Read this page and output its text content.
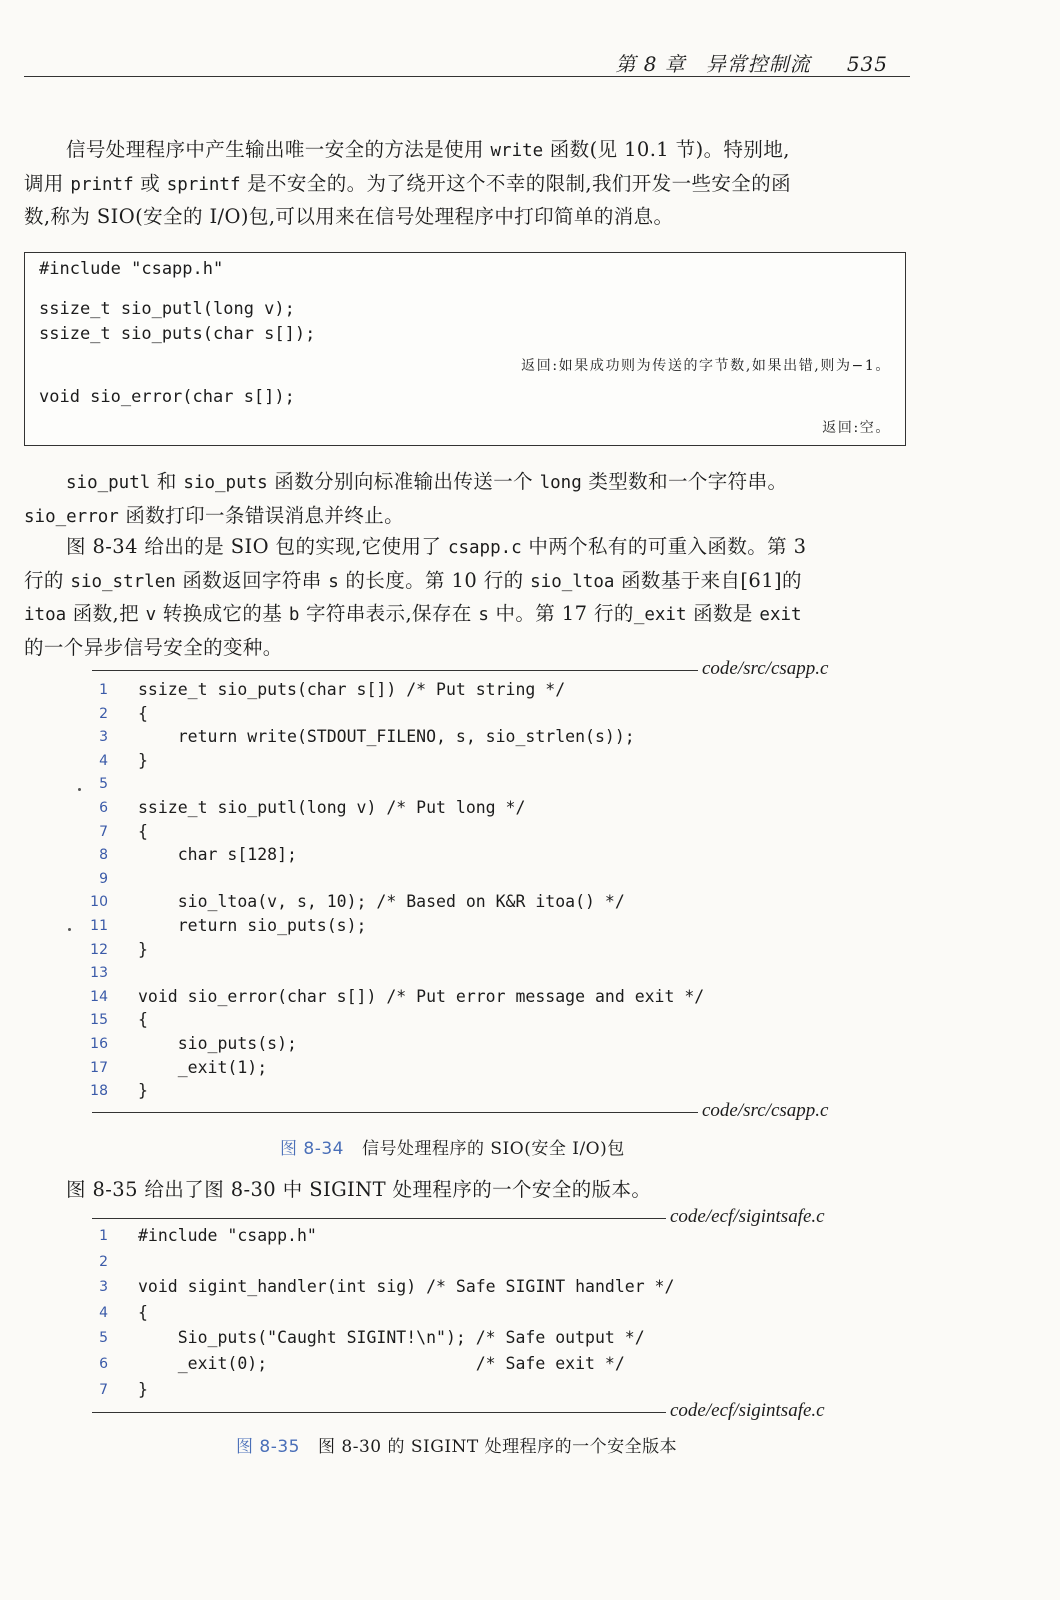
第 8 章 异常控制流 535
信号处理程序中产生输出唯一安全的方法是使用 write 函数(见 10.1 节)。特别地,
调用 printf 或 sprintf 是不安全的。为了绕开这个不幸的限制,我们开发一些安全的函
数,称为 SIO(安全的 I/O)包,可以用来在信号处理程序中打印简单的消息。
#include "csapp.h"
ssize_t sio_putl(long v);
ssize_t sio_puts(char s[]);
返回:如果成功则为传送的字节数,如果出错,则为−1。
void sio_error(char s[]);
返回:空。
sio_putl 和 sio_puts 函数分别向标准输出传送一个 long 类型数和一个字符串。
sio_error 函数打印一条错误消息并终止。
图 8-34 给出的是 SIO 包的实现,它使用了 csapp.c 中两个私有的可重入函数。第 3
行的 sio_strlen 函数返回字符串 s 的长度。第 10 行的 sio_ltoa 函数基于来自[61]的
itoa 函数,把 v 转换成它的基 b 字符串表示,保存在 s 中。第 17 行的_exit 函数是 exit
的一个异步信号安全的变种。
code/src/csapp.c
1 ssize_t sio_puts(char s[]) /* Put string */
2 {
3 return write(STDOUT_FILENO, s, sio_strlen(s));
4 }
5
6 ssize_t sio_putl(long v) /* Put long */
7 {
8 char s[128];
9
10 sio_ltoa(v, s, 10); /* Based on K&R itoa() */
11 return sio_puts(s);
12 }
13
14 void sio_error(char s[]) /* Put error message and exit */
15 {
16 sio_puts(s);
17 _exit(1);
18 }
code/src/csapp.c
图 8-34 信号处理程序的 SIO(安全 I/O)包
图 8-35 给出了图 8-30 中 SIGINT 处理程序的一个安全的版本。
code/ecf/sigintsafe.c
1 #include "csapp.h"
2
3 void sigint_handler(int sig) /* Safe SIGINT handler */
4 {
5 Sio_puts("Caught SIGINT!\n"); /* Safe output */
6 _exit(0);                     /* Safe exit */
7 }
code/ecf/sigintsafe.c
图 8-35 图 8-30 的 SIGINT 处理程序的一个安全版本
